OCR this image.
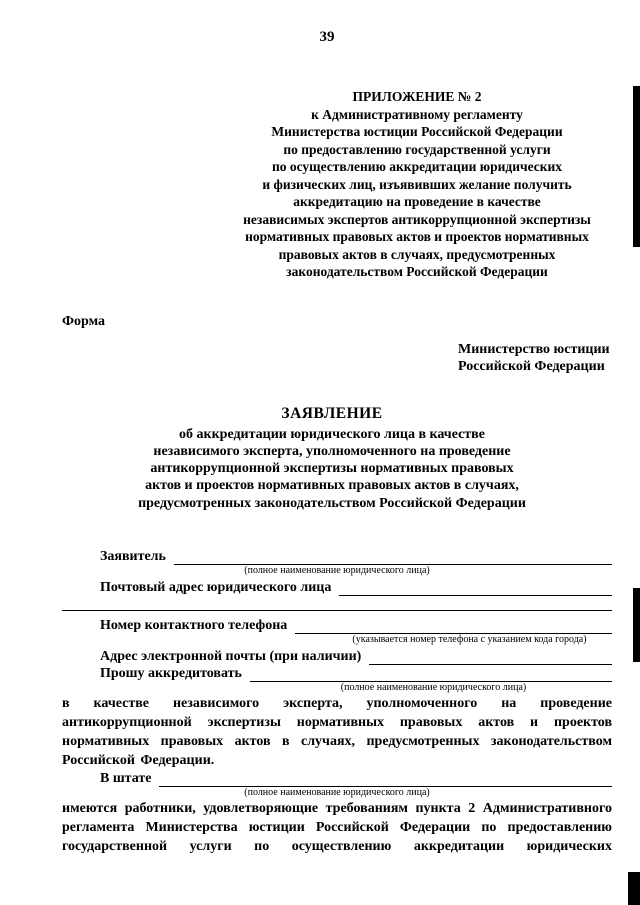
39
ПРИЛОЖЕНИЕ № 2
к Административному регламенту
Министерства юстиции Российской Федерации
по предоставлению государственной услуги
по осуществлению аккредитации юридических
и физических лиц, изъявивших желание получить
аккредитацию на проведение в качестве
независимых экспертов антикоррупционной экспертизы
нормативных правовых актов и проектов нормативных
правовых актов в случаях, предусмотренных
законодательством Российской Федерации
Форма
Министерство юстиции
Российской Федерации
ЗАЯВЛЕНИЕ
об аккредитации юридического лица в качестве
независимого эксперта, уполномоченного на проведение
антикоррупционной экспертизы нормативных правовых
актов и проектов нормативных правовых актов в случаях,
предусмотренных законодательством Российской Федерации
Заявитель
(полное наименование юридического лица)
Почтовый адрес юридического лица
Номер контактного телефона
(указывается номер телефона с указанием кода города)
Адрес электронной почты (при наличии)
Прошу аккредитовать
(полное наименование юридического лица)
в качестве независимого эксперта, уполномоченного на проведение антикоррупционной экспертизы нормативных правовых актов и проектов нормативных правовых актов в случаях, предусмотренных законодательством Российской Федерации.
В штате
(полное наименование юридического лица)
имеются работники, удовлетворяющие требованиям пункта 2 Административного регламента Министерства юстиции Российской Федерации по предоставлению государственной услуги по осуществлению аккредитации юридических
